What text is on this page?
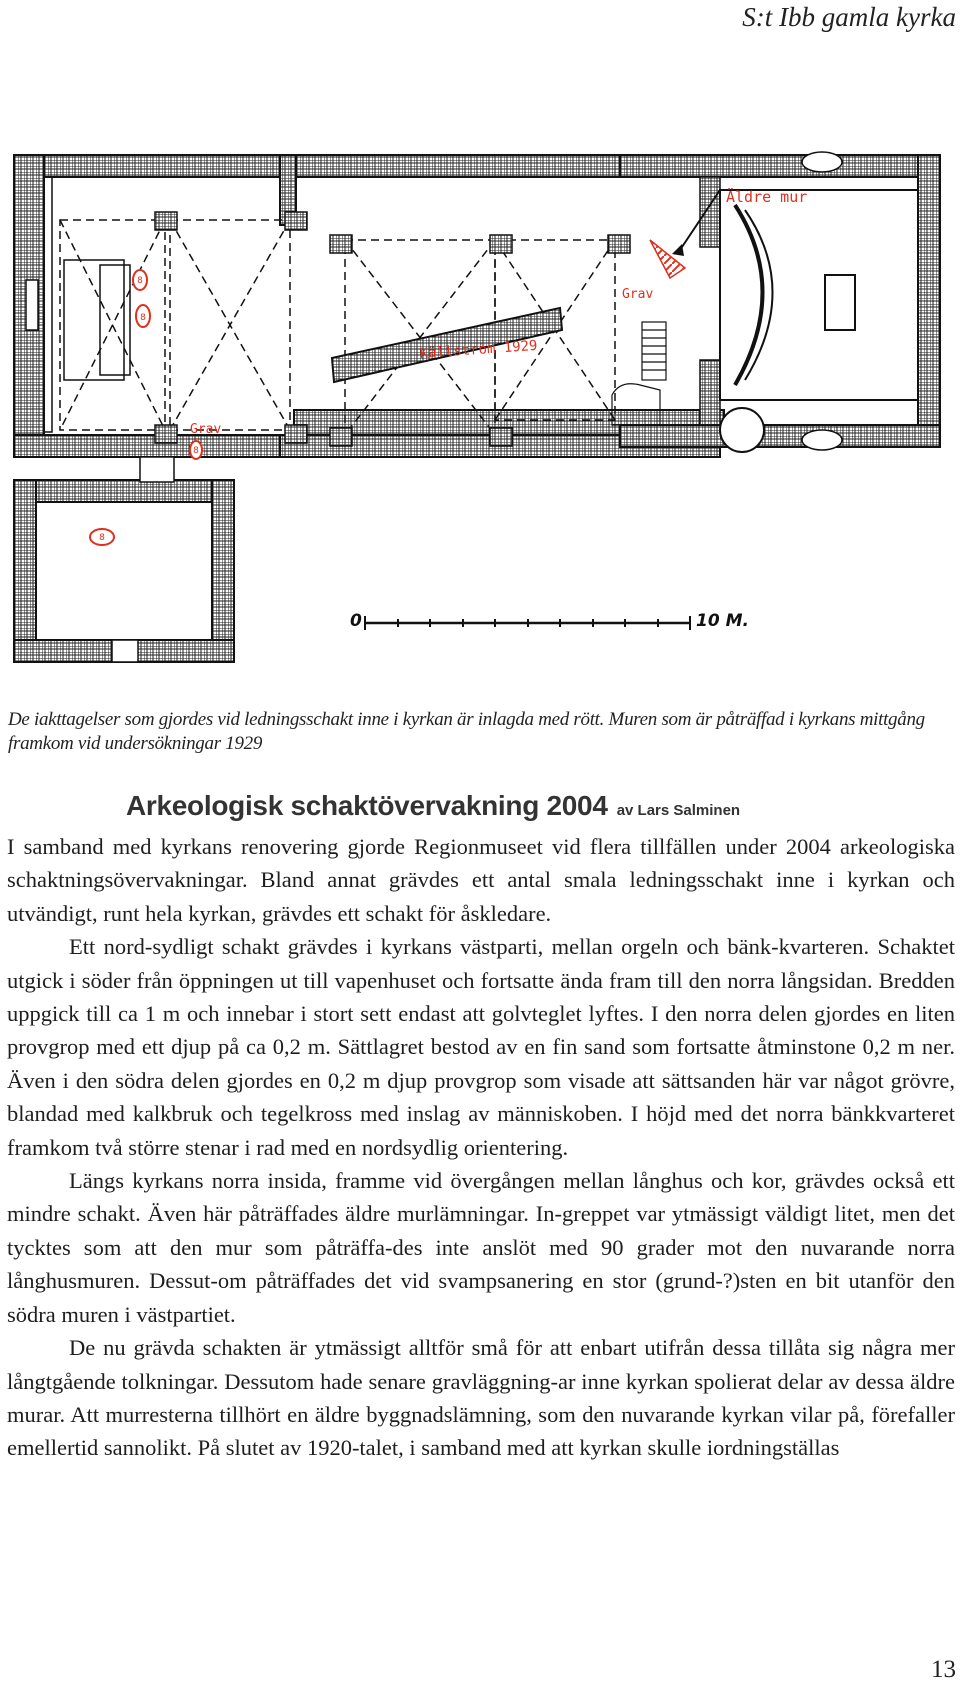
S:t Ibb gamla kyrka
Äldre mur
Grav
Grav
Källström 1929
8
8
8
8
0	10 M.

De iakttagelser som gjordes vid ledningsschakt inne i kyrkan är inlagda med rött. Muren som är påträffad i kyrkans mittgång framkom vid undersökningar 1929

Arkeologisk schaktövervakning 2004 av Lars Salminen

I samband med kyrkans renovering gjorde Regionmuseet vid flera tillfällen under 2004 arkeologiska schaktningsövervakningar. Bland annat grävdes ett antal smala ledningsschakt inne i kyrkan och utvändigt, runt hela kyrkan, grävdes ett schakt för åskledare.

Ett nord-sydligt schakt grävdes i kyrkans västparti, mellan orgeln och bänk-kvarteren. Schaktet utgick i söder från öppningen ut till vapenhuset och fortsatte ända fram till den norra långsidan. Bredden uppgick till ca 1 m och innebar i stort sett endast att golvteglet lyftes. I den norra delen gjordes en liten provgrop med ett djup på ca 0,2 m. Sättlagret bestod av en fin sand som fortsatte åtminstone 0,2 m ner. Även i den södra delen gjordes en 0,2 m djup provgrop som visade att sättsanden här var något grövre, blandad med kalkbruk och tegelkross med inslag av människoben. I höjd med det norra bänkkvarteret framkom två större stenar i rad med en nordsydlig orientering.

Längs kyrkans norra insida, framme vid övergången mellan långhus och kor, grävdes också ett mindre schakt. Även här påträffades äldre murlämningar. In-greppet var ytmässigt väldigt litet, men det tycktes som att den mur som påträffa-des inte anslöt med 90 grader mot den nuvarande norra långhusmuren. Dessut-om påträffades det vid svampsanering en stor (grund-?)sten en bit utanför den södra muren i västpartiet.

De nu grävda schakten är ytmässigt alltför små för att enbart utifrån dessa tillåta sig några mer långtgående tolkningar. Dessutom hade senare gravläggning-ar inne kyrkan spolierat delar av dessa äldre murar. Att murresterna tillhört en äldre byggnadslämning, som den nuvarande kyrkan vilar på, förefaller emellertid sannolikt. På slutet av 1920-talet, i samband med att kyrkan skulle iordningställas

13
